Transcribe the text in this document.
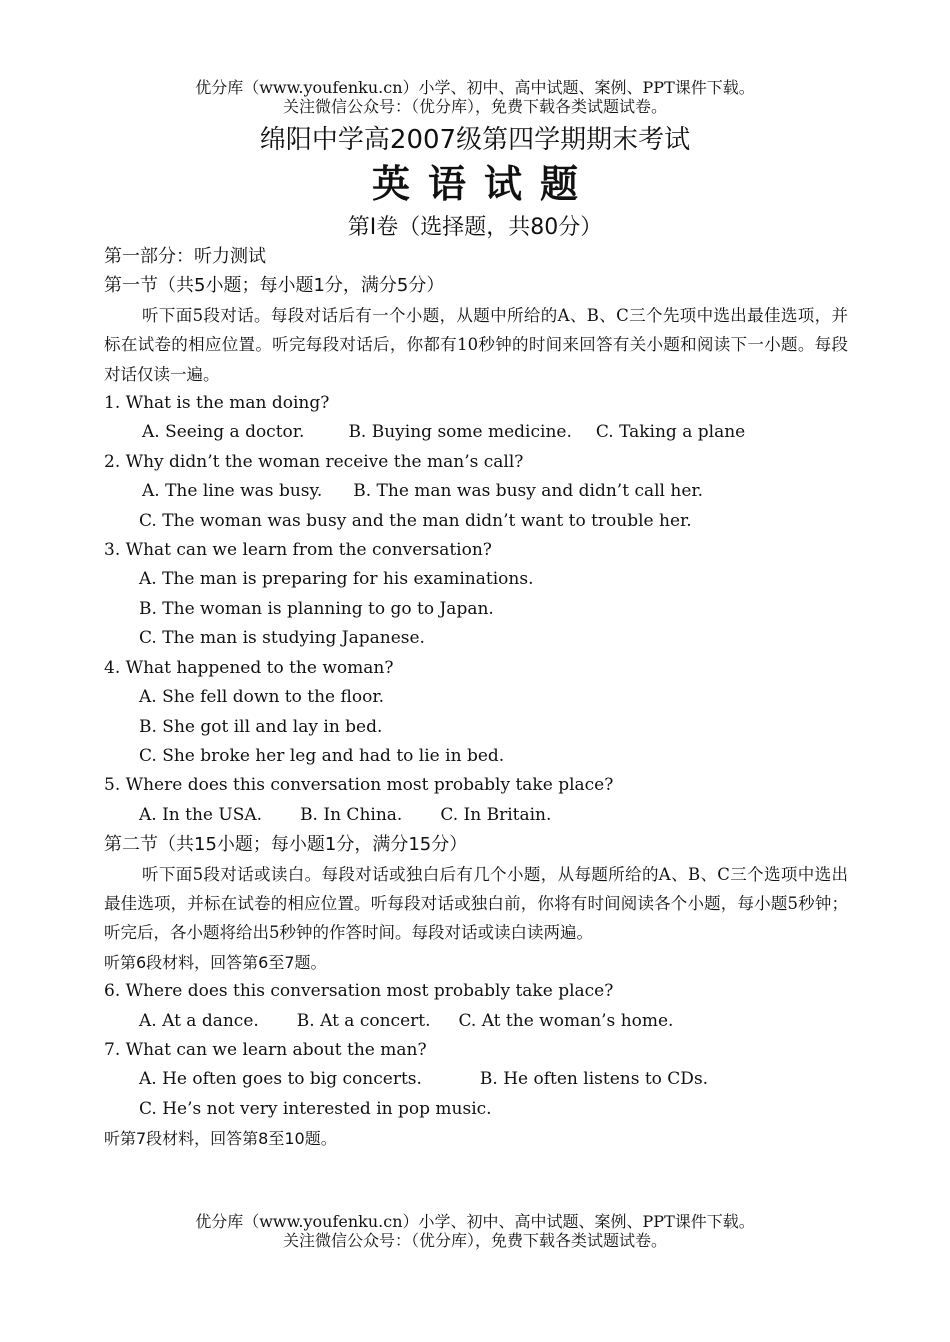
优分库（www.youfenku.cn）小学、初中、高中试题、案例、PPT课件下载。
关注微信公众号：（优分库），免费下载各类试题试卷。
绵阳中学高2007级第四学期期末考试
英语试题
第Ⅰ卷（选择题，共80分）

第一部分：听力测试

第一节（共5小题；每小题1分，满分5分）

听下面5段对话。每段对话后有一个小题，从题中所给的A、B、C三个先项中选出最佳选项，并标在试卷的相应位置。听完每段对话后，你都有10秒钟的时间来回答有关小题和阅读下一小题。每段对话仅读一遍。

1. What is the man doing?

A. Seeing a doctor.	B. Buying some medicine. C. Taking a plane

2. Why didn’t the woman receive the man’s call?

A. The line was busy. B. The man was busy and didn’t call her.

C. The woman was busy and the man didn’t want to trouble her.

3. What can we learn from the conversation?

A. The man is preparing for his examinations.

B. The woman is planning to go to Japan.

C. The man is studying Japanese.

4. What happened to the woman?

A. She fell down to the floor.

B. She got ill and lay in bed.

C. She broke her leg and had to lie in bed.

5. Where does this conversation most probably take place?

A. In the USA. B. In China. C. In Britain.

第二节（共15小题；每小题1分，满分15分）

听下面5段对话或读白。每段对话或独白后有几个小题，从每题所给的A、B、C三个选项中选出最佳选项，并标在试卷的相应位置。听每段对话或独白前，你将有时间阅读各个小题，每小题5秒钟；听完后，各小题将给出5秒钟的作答时间。每段对话或读白读两遍。

听第6段材料，回答第6至7题。

6. Where does this conversation most probably take place?

A. At a dance. B. At a concert. C. At the woman’s home.

7. What can we learn about the man?

A. He often goes to big concerts.	B. He often listens to CDs.

C. He’s not very interested in pop music.

听第7段材料，回答第8至10题。

优分库（www.youfenku.cn）小学、初中、高中试题、案例、PPT课件下载。
关注微信公众号：（优分库），免费下载各类试题试卷。
